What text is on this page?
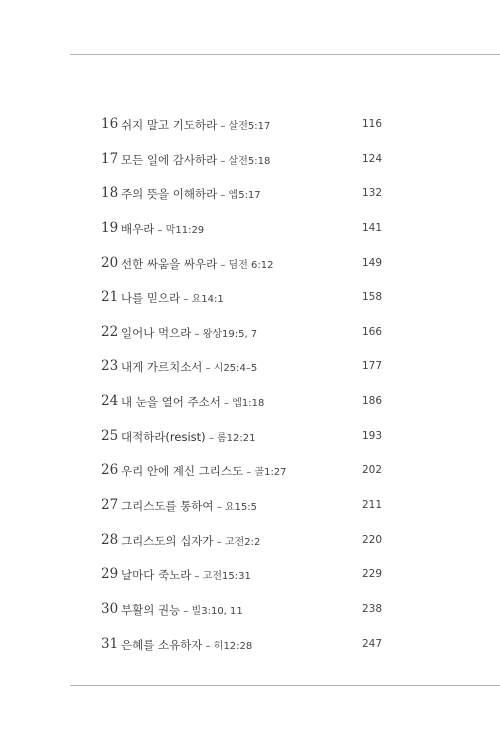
16 쉬지 말고 기도하라 – 살전5:17	116
17 모든 일에 감사하라 – 살전5:18	124
18 주의 뜻을 이해하라 – 엡5:17	132
19 배우라 – 막11:29	141
20 선한 싸움을 싸우라 – 딤전 6:12	149
21 나를 믿으라 – 요14:1	158
22 일어나 먹으라 – 왕상19:5, 7	166
23 내게 가르치소서 – 시25:4–5	177
24 내 눈을 열어 주소서 – 엡1:18	186
25 대적하라(resist) – 롬12:21	193
26 우리 안에 계신 그리스도 – 골1:27	202
27 그리스도를 통하여 – 요15:5	211
28 그리스도의 십자가 – 고전2:2	220
29 날마다 죽노라 – 고전15:31	229
30 부활의 권능 – 빌3:10, 11	238
31 은혜를 소유하자 – 히12:28	247
